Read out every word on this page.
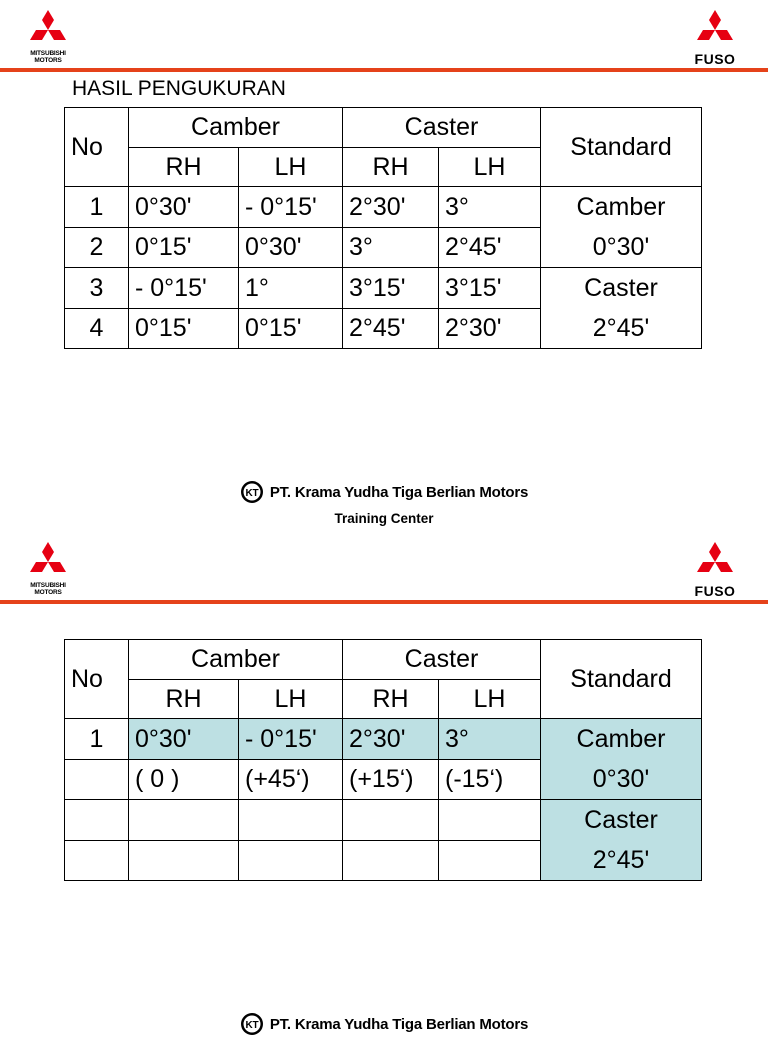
MITSUBISHI MOTORS	FUSO
HASIL PENGUKURAN
No	Camber		Caster		Standard
	RH	LH	RH	LH	
1	0°30'	- 0°15'	2°30'	3°	Camber
0°30'

2	0°15'	0°30'	3°	2°45'	
3	- 0°15'	1°	3°15'	3°15'	Caster
2°45'

4	0°15'	0°15'	2°45'	2°30'	
KT PT. Krama Yudha Tiga Berlian Motors
Training Center
MITSUBISHI MOTORS	FUSO
No	Camber		Caster		Standard
	RH	LH	RH	LH	
1	0°30'	- 0°15'	2°30'	3°	Camber
0°30'

	( 0 )	(+45‘)	(+15‘)	(-15‘)	

					Caster
2°45'

KT PT. Krama Yudha Tiga Berlian Motors
